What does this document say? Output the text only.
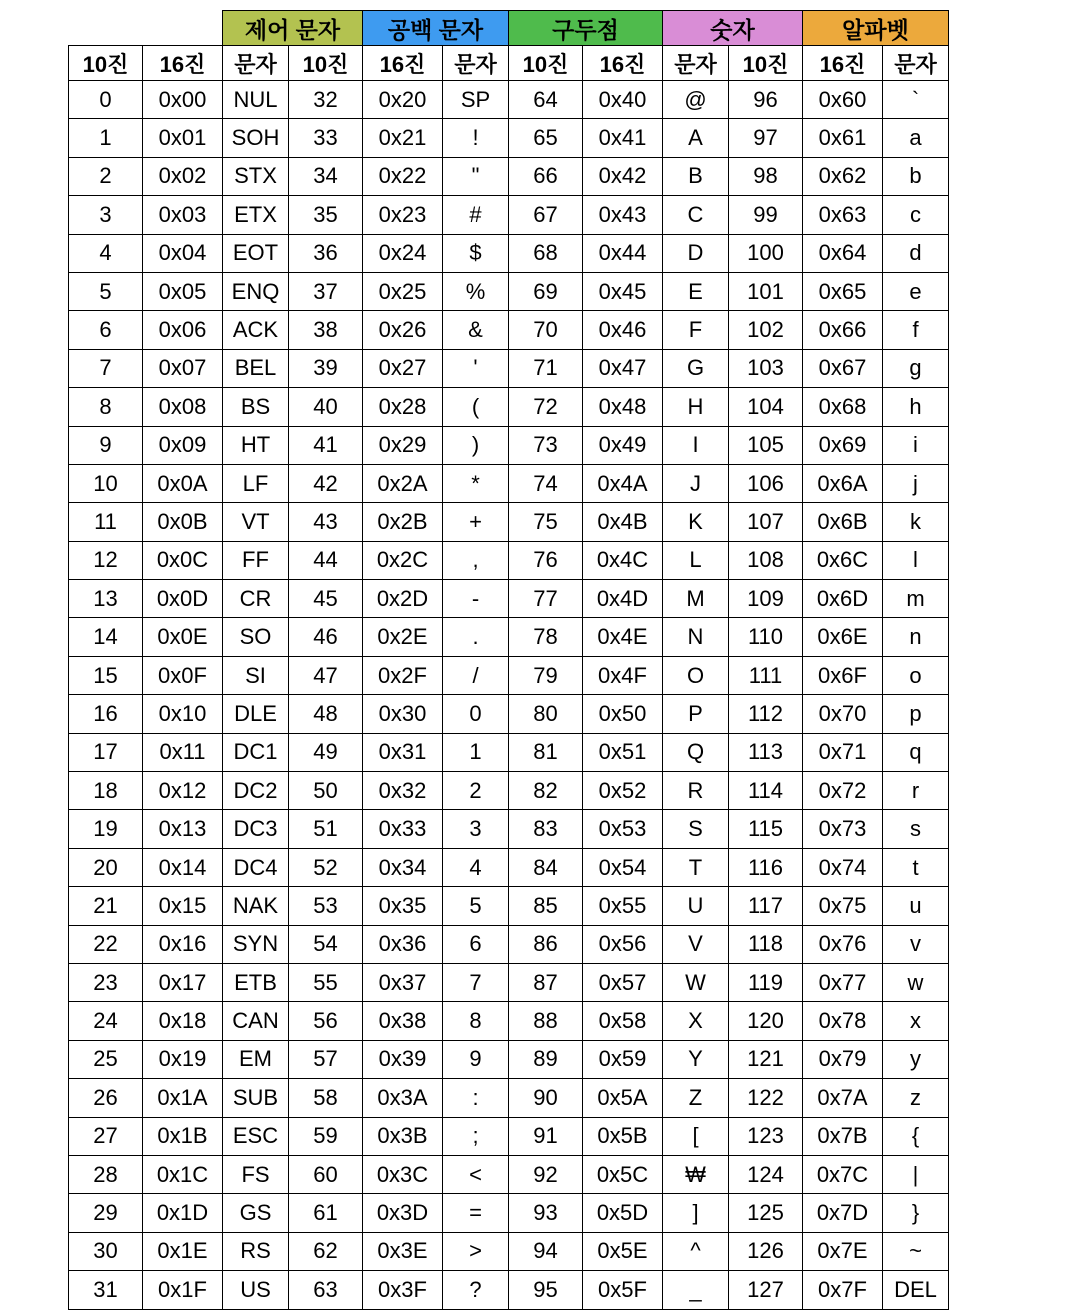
		제어 문자		공백 문자		구두점		숫자		알파벳	
10진	16진	문자	10진	16진	문자	10진	16진	문자	10진	16진	문자
0	0x00	NUL	32	0x20	SP	64	0x40	@	96	0x60	`
1	0x01	SOH	33	0x21	!	65	0x41	A	97	0x61	a
2	0x02	STX	34	0x22	"	66	0x42	B	98	0x62	b
3	0x03	ETX	35	0x23	#	67	0x43	C	99	0x63	c
4	0x04	EOT	36	0x24	$	68	0x44	D	100	0x64	d
5	0x05	ENQ	37	0x25	%	69	0x45	E	101	0x65	e
6	0x06	ACK	38	0x26	&	70	0x46	F	102	0x66	f
7	0x07	BEL	39	0x27	'	71	0x47	G	103	0x67	g
8	0x08	BS	40	0x28	(	72	0x48	H	104	0x68	h
9	0x09	HT	41	0x29	)	73	0x49	I	105	0x69	i
10	0x0A	LF	42	0x2A	*	74	0x4A	J	106	0x6A	j
11	0x0B	VT	43	0x2B	+	75	0x4B	K	107	0x6B	k
12	0x0C	FF	44	0x2C	,	76	0x4C	L	108	0x6C	l
13	0x0D	CR	45	0x2D	-	77	0x4D	M	109	0x6D	m
14	0x0E	SO	46	0x2E	.	78	0x4E	N	110	0x6E	n
15	0x0F	SI	47	0x2F	/	79	0x4F	O	111	0x6F	o
16	0x10	DLE	48	0x30	0	80	0x50	P	112	0x70	p
17	0x11	DC1	49	0x31	1	81	0x51	Q	113	0x71	q
18	0x12	DC2	50	0x32	2	82	0x52	R	114	0x72	r
19	0x13	DC3	51	0x33	3	83	0x53	S	115	0x73	s
20	0x14	DC4	52	0x34	4	84	0x54	T	116	0x74	t
21	0x15	NAK	53	0x35	5	85	0x55	U	117	0x75	u
22	0x16	SYN	54	0x36	6	86	0x56	V	118	0x76	v
23	0x17	ETB	55	0x37	7	87	0x57	W	119	0x77	w
24	0x18	CAN	56	0x38	8	88	0x58	X	120	0x78	x
25	0x19	EM	57	0x39	9	89	0x59	Y	121	0x79	y
26	0x1A	SUB	58	0x3A	:	90	0x5A	Z	122	0x7A	z
27	0x1B	ESC	59	0x3B	;	91	0x5B	[	123	0x7B	{
28	0x1C	FS	60	0x3C	<	92	0x5C	₩	124	0x7C	|
29	0x1D	GS	61	0x3D	=	93	0x5D	]	125	0x7D	}
30	0x1E	RS	62	0x3E	>	94	0x5E	^	126	0x7E	~
31	0x1F	US	63	0x3F	?	95	0x5F	_	127	0x7F	DEL
